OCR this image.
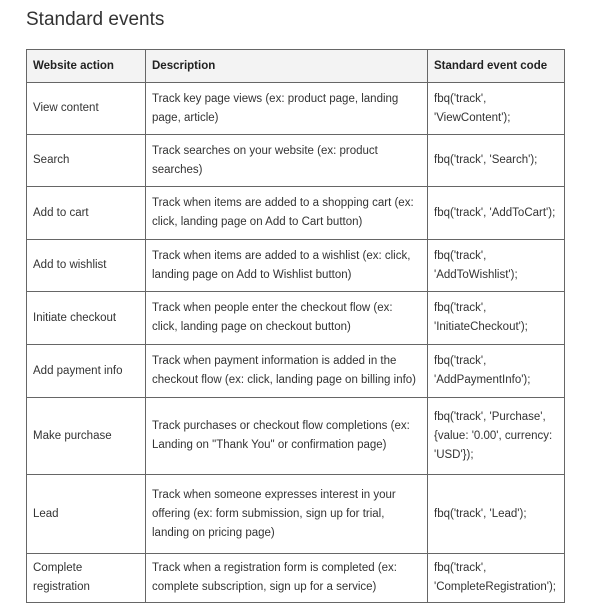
Standard events
Website action	Description	Standard event code
View content	Track key page views (ex: product page, landing page, article)	fbq('track', 'ViewContent');
Search	Track searches on your website (ex: product searches)	fbq('track', 'Search');
Add to cart	Track when items are added to a shopping cart (ex: click, landing page on Add to Cart button)	fbq('track', 'AddToCart');
Add to wishlist	Track when items are added to a wishlist (ex: click, landing page on Add to Wishlist button)	fbq('track', 'AddToWishlist');
Initiate checkout	Track when people enter the checkout flow (ex: click, landing page on checkout button)	fbq('track', 'InitiateCheckout');
Add payment info	Track when payment information is added in the checkout flow (ex: click, landing page on billing info)	fbq('track', 'AddPaymentInfo');
Make purchase	Track purchases or checkout flow completions (ex: Landing on "Thank You" or confirmation page)	fbq('track', 'Purchase', {value: '0.00', currency: 'USD'});
Lead	Track when someone expresses interest in your offering (ex: form submission, sign up for trial, landing on pricing page)	fbq('track', 'Lead');
Complete registration	Track when a registration form is completed (ex: complete subscription, sign up for a service)	fbq('track', 'CompleteRegistration');
